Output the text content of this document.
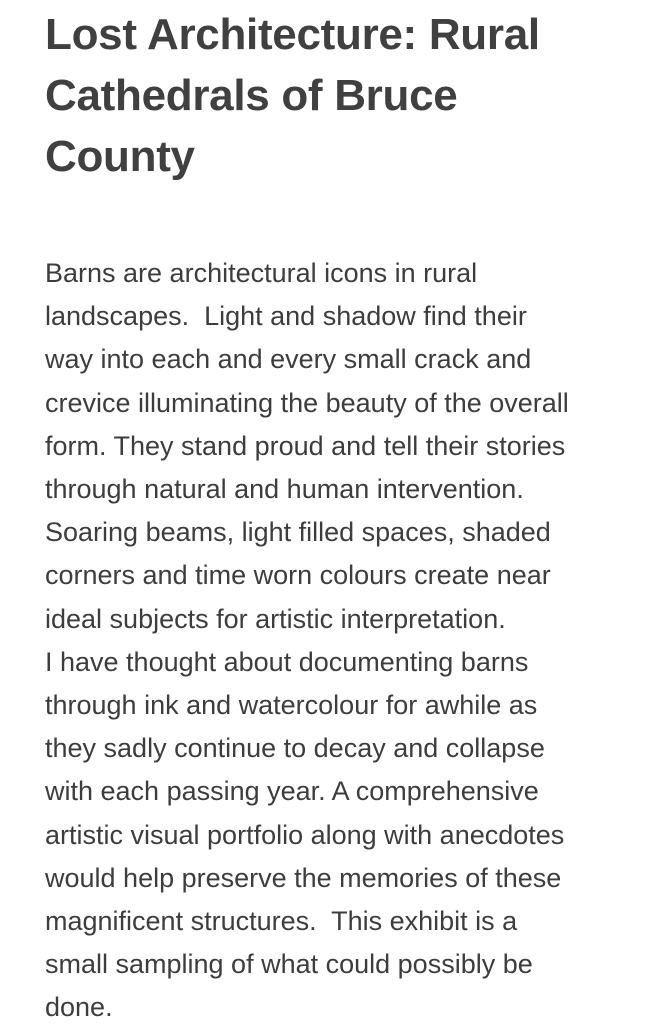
Lost Architecture: Rural
Cathedrals of Bruce
County
Barns are architectural icons in rural
landscapes.  Light and shadow find their
way into each and every small crack and
crevice illuminating the beauty of the overall
form. They stand proud and tell their stories
through natural and human intervention.
Soaring beams, light filled spaces, shaded
corners and time worn colours create near
ideal subjects for artistic interpretation.
I have thought about documenting barns
through ink and watercolour for awhile as
they sadly continue to decay and collapse
with each passing year. A comprehensive
artistic visual portfolio along with anecdotes
would help preserve the memories of these
magnificent structures.  This exhibit is a
small sampling of what could possibly be
done.
